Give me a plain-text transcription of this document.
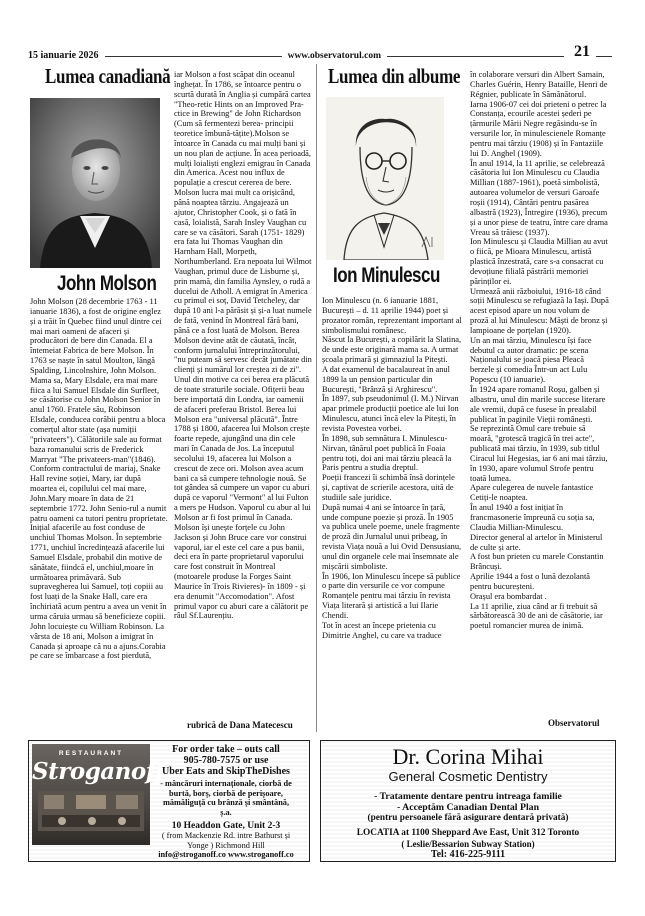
15 ianuarie 2026	www.observatorul.com	21
Lumea canadiană
John Molson

John Molson (28 decembrie 1763 - 11 ianuarie 1836), a fost de origine englez și a trăit în Quebec fiind unul dintre cei mai mari oameni de afaceri și producători de bere din Canada. El a întemeiat Fabrica de bere Molson. În 1763 se naște în satul Moulton, lângă Spalding, Lincolnshire, John Molson. Mama sa, Mary Elsdale, era mai mare fiica a lui Samuel Elsdale din Surfleet, se căsătorise cu John Molson Senior în anul 1760. Fratele său, Robinson Elsdale, conducea corăbii pentru a bloca comerțul altor state (așa numiții "privateers"). Călătoriile sale au format baza romanului scris de Frederick Marryat "The privateers-man"(1846). Conform contractului de mariaj, Snake Hall revine soției, Mary, iar după moartea ei, copilului cel mai mare, John.Mary moare în data de 21 septembrie 1772. John Senio-rul a numit patru oameni ca tutori pentru proprietate. Inițial afacerile au fost conduse de unchiul Thomas Molson. În septembrie 1771, unchiul încredințează afacerile lui Samuel Elsdale, probabil din motive de sănătate, fiindcă el, unchiul,moare în următoarea primăvară. Sub supravegherea lui Samuel, toți copiii au fost luați de la Snake Hall, care era închiriată acum pentru a avea un venit în urma căruia urmau să beneficieze copiii. John locuiește cu William Robinson. La vârsta de 18 ani, Molson a imigrat în Canada și aproape că nu a ajuns.Corabia pe care se îmbarcase a fost pierdută,

iar Molson a fost scăpat din oceanul înghețat. În 1786, se întoarce pentru o scurtă durată în Anglia și cumpără cartea "Theo-retic Hints on an Improved Pra-ctice in Brewing" de John Richardson (Cum să fermentezi berea- principii teoretice îmbună-tățite).Molson se întoarce în Canada cu mai mulți bani și un nou plan de acțiune. În acea perioadă, mulți loialiști englezi emigrau în Canada din America. Acest nou influx de populație a crescut cererea de bere. Molson lucra mai mult ca orișicând, până noaptea târziu. Angajează un ajutor, Christopher Cook, și o fată în casă, loialistă, Sarah Insley Vaughan cu care se va căsători. Sarah (1751- 1829) era fata lui Thomas Vaughan din Harnham Hall, Morpeth, Northumberland. Era nepoata lui Wilmot Vaughan, primul duce de Lisburne și, prin mamă, din familia Aynsley, o rudă a ducelui de Atholl. A emigrat în America cu primul ei soț, David Tetcheley, dar după 10 ani l-a părăsit și și-a luat numele de fată, venind în Montreal fără bani, până ce a fost luată de Molson. Berea Molson devine atât de căutată, încât, conform jurnalului întreprinzătorului, "nu puteam să servesc decât jumătate din clienți și numărul lor creștea zi de zi". Unul din motive ca cei berea era plăcută de toate straturile sociale. Ofițerii beau bere importată din Londra, iar oamenii de afaceri preferau Bristol. Berea lui Molson era "universal plăcută". Între 1788 și 1800, afacerea lui Molson crește foarte repede, ajungând una din cele mari în Canada de Jos. La începutul secolului 19, afacerea lui Molson a crescut de zece ori. Molson avea acum bani ca să cumpere tehnologie nouă. Se tot gândea să cumpere un vapor cu aburi după ce vaporul "Vermont" al lui Fulton a mers pe Hudson. Vaporul cu abur al lui Molson ar fi fost primul în Canada. Molson își unește forțele cu John Jackson și John Bruce care vor construi vaporul, iar el este cel care a pus banii, deci era în parte proprietarul vaporului care fost construit în Montreal (motoarele produse la Forges Saint Maurice în Trois Rivieres)- în 1809 - și era denumit "Accomodation". Afost primul vapor cu aburi care a călătorit pe râul Sf.Laurențiu.

rubrică de Dana Matecescu
Lumea din albume
Ion Minulescu

Ion Minulescu (n. 6 ianuarie 1881, București – d. 11 aprilie 1944) poet și prozator român, reprezentant important al simbolismului românesc.
Născut la București, a copilărit la Slatina, de unde este originară mama sa. A urmat școala primară și gimnaziul la Pitești.
A dat examenul de bacalaureat în anul 1899 la un pension particular din București, "Brânză și Arghirescu".
În 1897, sub pseudonimul (I. M.) Nirvan apar primele producții poetice ale lui Ion Minulescu, atunci încă elev la Pitești, în revista Povestea vorbei.
În 1898, sub semnătura I. Minulescu-Nirvan, tânărul poet publică în Foaia pentru toți, doi ani mai târziu pleacă la Paris pentru a studia dreptul.
Poeții francezi îi schimbă însă dorințele și, captivat de scrierile acestora, uită de studiile sale juridice.
După numai 4 ani se întoarce în țară, unde compune poezie și proză. În 1905 va publica unele poeme, unele fragmente de proză din Jurnalul unui pribeag, în revista Viața nouă a lui Ovid Densusianu, unul din organele cele mai însemnate ale mișcării simboliste.
În 1906, Ion Minulescu începe să publice o parte din versurile ce vor compune Romanțele pentru mai târziu în revista Viața literară și artistică a lui Ilarie Chendi.
Tot în acest an începe prietenia cu Dimitrie Anghel, cu care va traduce

în colaborare versuri din Albert Samain, Charles Guérin, Henry Bataille, Henri de Régnier, publicate în Sămănătorul.
Iarna 1906-07 cei doi prieteni o petrec la Constanța, ecourile acestei șederi pe țărmurile Mării Negre regăsindu-se în versurile lor, în minulescienele Romanțe pentru mai târziu (1908) și în Fantaziile lui D. Anghel (1909).
În anul 1914, la 11 aprilie, se celebrează căsătoria lui Ion Minulescu cu Claudia Millian (1887-1961), poetă simbolistă, autoarea volumelor de versuri Garoafe roșii (1914), Cântări pentru pasărea albastră (1923), Întregire (1936), precum și a unor piese de teatru, între care drama Vreau să trăiesc (1937).
Ion Minulescu și Claudia Millian au avut o fiică, pe Mioara Minulescu, artistă plastică înzestrată, care s-a consacrat cu devoțiune filială păstrării memoriei părinților ei.
Urmează anii războiului, 1916-18 când soții Minulescu se refugiază la Iași. După acest episod apare un nou volum de proză al lui Minulescu: Măști de bronz și lampioane de porțelan (1920).
Un an mai târziu, Minulescu își face debutul ca autor dramatic: pe scena Naționalului se joacă piesa Pleacă berzele și comedia Într-un act Lulu Popescu (10 ianuarie).
În 1924 apare romanul Roșu, galben și albastru, unul din marile succese literare ale vremii, după ce fusese în prealabil publicat în paginile Vieții românești.
Se reprezintă Omul care trebuie să moară, "grotescă tragică în trei acte", publicată mai târziu, în 1939, sub titlul Ciracul lui Hegesias, iar 6 ani mai târziu, în 1930, apare volumul Strofe pentru toată lumea.
Apare culegerea de nuvele fantastice Cetiți-le noaptea.
În anul 1940 a fost inițiat în francmasonerie împreună cu soția sa, Claudia Millian-Minulescu.
Director general al artelor în Ministerul de culte și arte.
A fost bun prieten cu marele Constantin Brâncuși.
Aprilie 1944 a fost o lună dezolantă pentru bucureșteni.
Orașul era bombardat .
La 11 aprilie, ziua când ar fi trebuit să sărbătorească 30 de ani de căsătorie, iar poetul romancier murea de inimă.

Observatorul
RESTAURANT
Stroganoff
For order take – outs call
905-780-7575 or use
Uber Eats and SkipTheDishes
- mâncăruri internaționale, ciorbă de burtă, borș, ciorbă de perișoare, mămăliguță cu brânză și smântână, ș.a.
10 Headdon Gate, Unit 2-3
( from Mackenzie Rd. intre Bathurst și Yonge ) Richmond Hill
info@stroganoff.co www.stroganoff.co
Dr. Corina Mihai
General Cosmetic Dentistry
- Tratamente dentare pentru intreaga familie
- Acceptăm Canadian Dental Plan
(pentru persoanele fără asigurare dentară privată)
LOCATIA at 1100 Sheppard Ave East, Unit 312 Toronto
( Leslie/Bessarion Subway Station)
Tel: 416-225-9111
